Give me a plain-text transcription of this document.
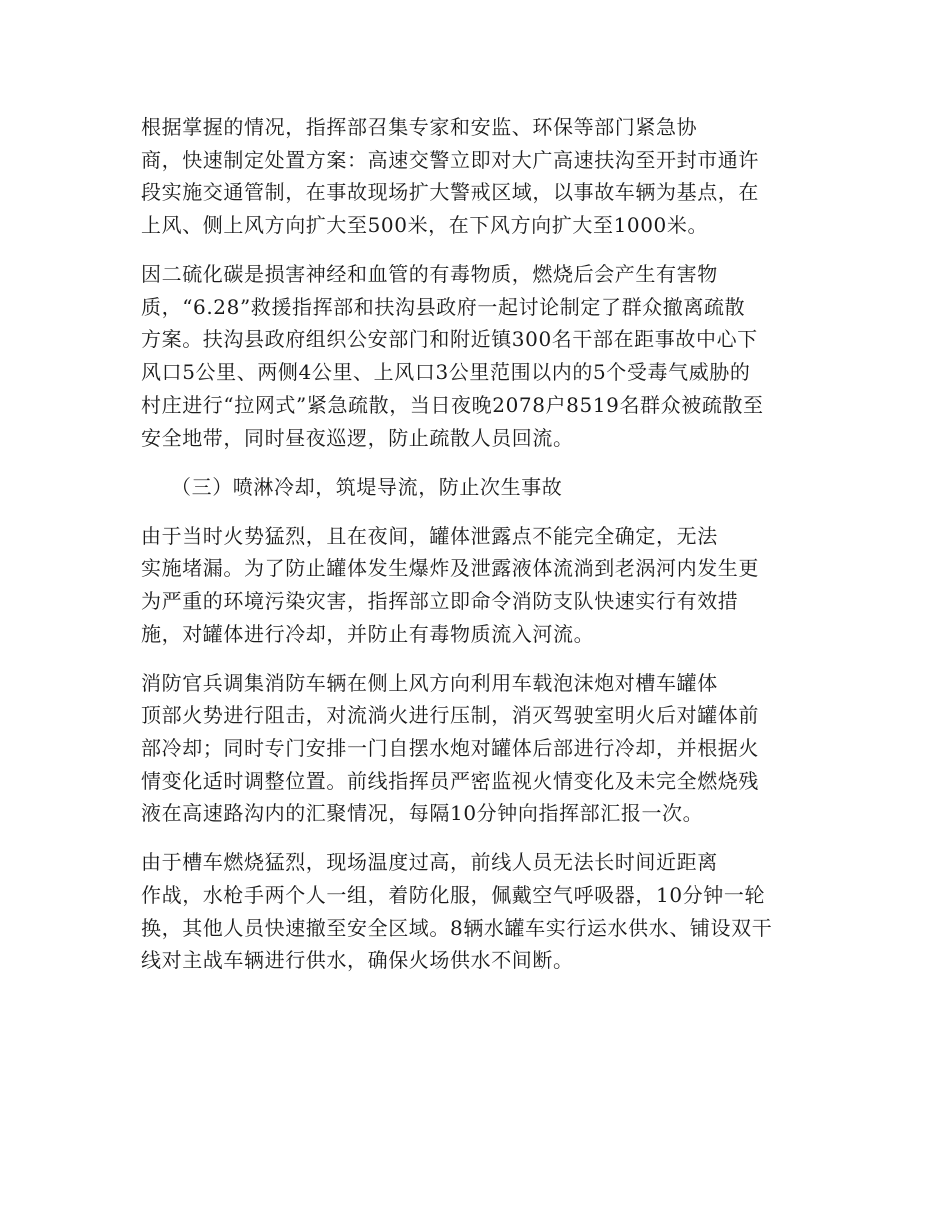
根据掌握的情况，指挥部召集专家和安监、环保等部门紧急协
商，快速制定处置方案：高速交警立即对大广高速扶沟至开封市通许
段实施交通管制，在事故现场扩大警戒区域，以事故车辆为基点，在
上风、侧上风方向扩大至500米，在下风方向扩大至1000米。
因二硫化碳是损害神经和血管的有毒物质，燃烧后会产生有害物
质，“6.28”救援指挥部和扶沟县政府一起讨论制定了群众撤离疏散
方案。扶沟县政府组织公安部门和附近镇300名干部在距事故中心下
风口5公里、两侧4公里、上风口3公里范围以内的5个受毒气威胁的
村庄进行“拉网式”紧急疏散，当日夜晚2078户8519名群众被疏散至
安全地带，同时昼夜巡逻，防止疏散人员回流。
（三）喷淋冷却，筑堤导流，防止次生事故
由于当时火势猛烈，且在夜间，罐体泄露点不能完全确定，无法
实施堵漏。为了防止罐体发生爆炸及泄露液体流淌到老涡河内发生更
为严重的环境污染灾害，指挥部立即命令消防支队快速实行有效措
施，对罐体进行冷却，并防止有毒物质流入河流。
消防官兵调集消防车辆在侧上风方向利用车载泡沫炮对槽车罐体
顶部火势进行阻击，对流淌火进行压制，消灭驾驶室明火后对罐体前
部冷却；同时专门安排一门自摆水炮对罐体后部进行冷却，并根据火
情变化适时调整位置。前线指挥员严密监视火情变化及未完全燃烧残
液在高速路沟内的汇聚情况，每隔10分钟向指挥部汇报一次。
由于槽车燃烧猛烈，现场温度过高，前线人员无法长时间近距离
作战，水枪手两个人一组，着防化服，佩戴空气呼吸器，10分钟一轮
换，其他人员快速撤至安全区域。8辆水罐车实行运水供水、铺设双干
线对主战车辆进行供水，确保火场供水不间断。
